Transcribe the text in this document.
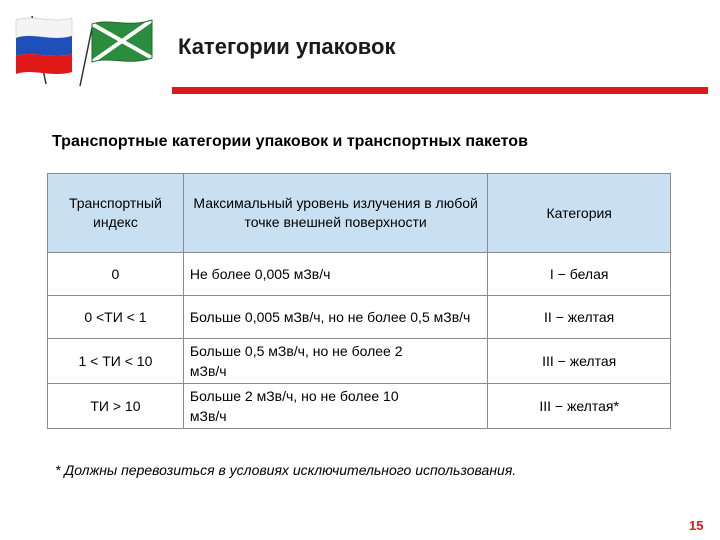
Категории упаковок
Транспортные категории упаковок и транспортных пакетов
Транспортный индекс	Максимальный уровень излучения в любой точке внешней поверхности	Категория
0	Не более 0,005 мЗв/ч	I − белая
0 <ТИ < 1	Больше 0,005 мЗв/ч, но не более 0,5 мЗв/ч	II − желтая
1 < ТИ < 10	Больше 0,5 мЗв/ч, но не более 2 мЗв/ч	III − желтая
ТИ > 10	Больше 2 мЗв/ч, но не более 10 мЗв/ч	III − желтая*
* Должны перевозиться в условиях исключительного использования.
15
